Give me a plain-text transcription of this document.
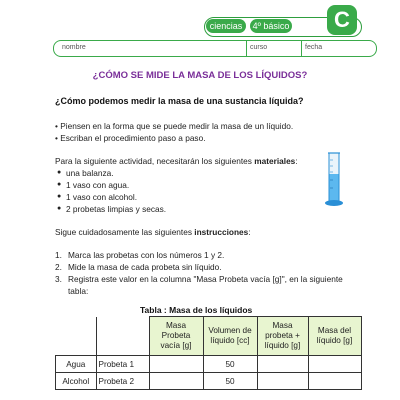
ciencias	4º básico	C
nombre	curso	fecha
¿CÓMO SE MIDE LA MASA DE LOS LÍQUIDOS?
¿Cómo podemos medir la masa de una sustancia líquida?
• Piensen en la forma que se puede medir la masa de un líquido.
• Escriban el procedimiento paso a paso.
Para la siguiente actividad, necesitarán los siguientes materiales:
● una balanza.
● 1 vaso con agua.
● 1 vaso con alcohol.
● 2 probetas limpias y secas.
Sigue cuidadosamente las siguientes instrucciones:
1. Marca las probetas con los números 1 y 2.
2. Mide la masa de cada probeta sin líquido.
3. Registra este valor en la columna "Masa Probeta vacía [g]", en la siguiente
tabla:
Tabla : Masa de los líquidos
		Masa Probeta vacía [g]	Volumen de líquido [cc]	Masa probeta + líquido [g]	Masa del líquido [g]
Agua	Probeta 1		50		
Alcohol	Probeta 2		50		
